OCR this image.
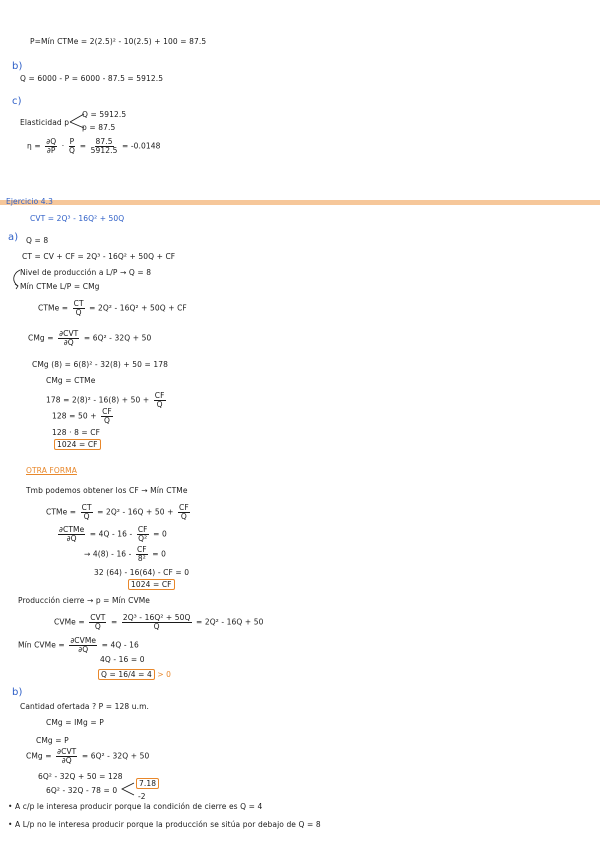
P=Mín CTMe = 2(2.5)² - 10(2.5) + 100 = 87.5
b)
Q = 6000 - P = 6000 - 87.5 = 5912.5
c)
Elasticidad p
Q = 5912.5
p = 87.5
$\eta = \frac{\partial Q}{\partial P} \cdot \frac{P}{Q} = \frac{87.5}{5912.5} = -0.0148$
Ejercicio 4.3
CVT = 2Q³ - 16Q² + 50Q
a) Q = 8
CT = CV + CF = 2Q³ - 16Q² + 50Q + CF
Nivel de producción a L/P → Q = 8
Mín CTMe L/P = CMg
CTMe = $\frac{CT}{Q} = 2Q^2 - 16Q^2 + 50Q$ + CF
CMg = $\frac{\text{∂CVT}}{\partial Q} = 6Q^2 - 32Q + 50$
CMg (8) = 6(8)² - 32(8) + 50 = 178
CMg = CTMe
$178 = 2(8)^2 - 16(8) + 50 + \frac{CF}{Q}$
$128 = 50 + \frac{CF}{Q}$
128 · 8 = CF
1024 = CF
OTRA FORMA
Tmb podemos obtener los CF → Mín CTMe
CTMe = $\frac{CT}{Q} = 2Q^2 - 16Q + 50 + \frac{CF}{Q}$
$\frac{\text{∂CTMe}}{\partial Q} = 4Q - 16 - \frac{CF}{\text{Q²}} = 0$
→ $4(8) - 16 - \frac{CF}{\text{8²}} = 0$
32 (64) - 16(64) - CF = 0
1024 = CF
Producción cierre → p = Mín CVMe
CVMe = $\frac{\text{CVT}}{Q} = \frac{\text{2Q³ - 16Q² + 50Q}}{Q} = 2Q^2 - 16Q + 50$
Mín CVMe = $\frac{\text{∂CVMe}}{\partial Q} = 4Q - 16$
4Q - 16 = 0
Q = 16/4 = 4 > 0
b)
Cantidad ofertada ? P = 128 u.m.
CMg = IMg = P
CMg = P
CMg = $\frac{\text{∂CVT}}{\partial Q} = 6Q^2 - 32Q + 50$
6Q² - 32Q + 50 = 128
6Q² - 32Q - 78 = 0
7.18
-2
• A c/p le interesa producir porque la condición de cierre es Q = 4
• A L/p no le interesa producir porque la producción se sitúa por debajo de Q = 8
